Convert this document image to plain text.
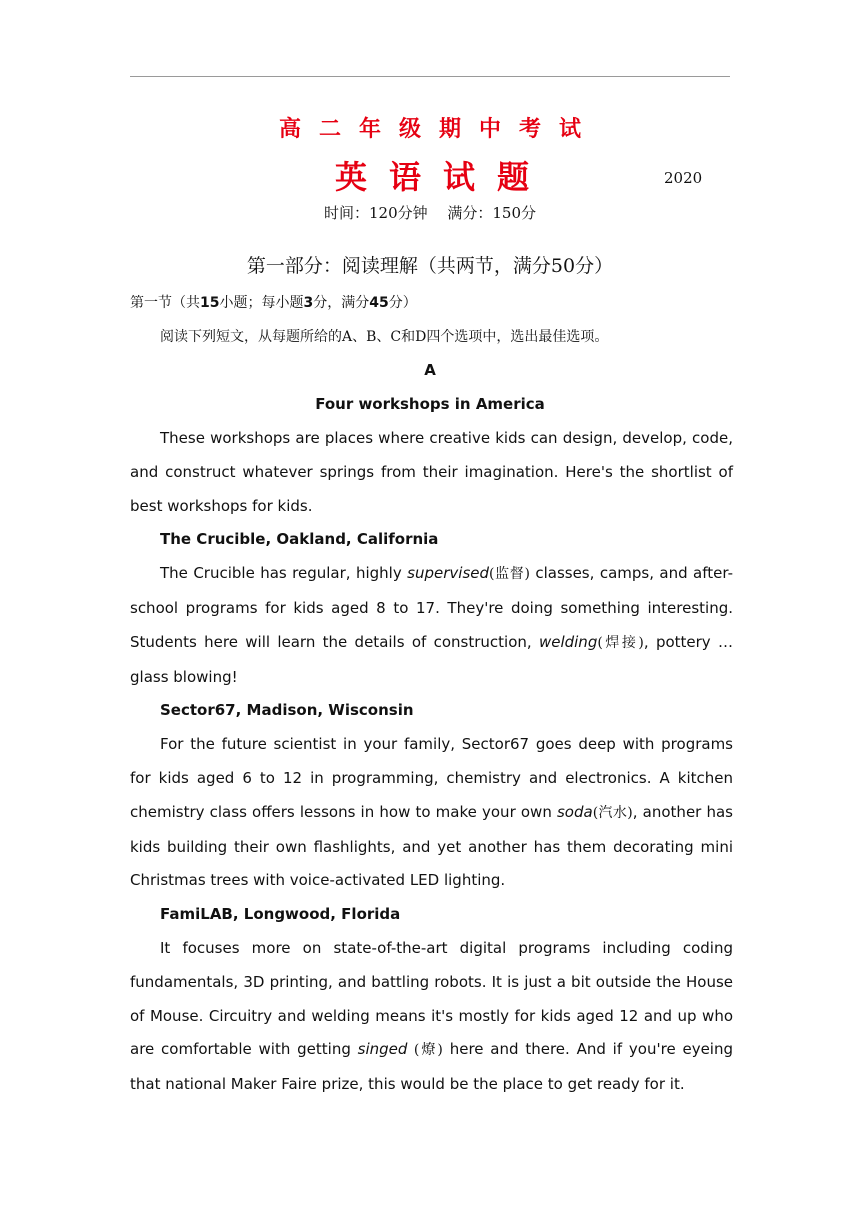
高二年级期中考试
英语试题	2020
时间：120分钟　 满分：150分
第一部分：阅读理解（共两节，满分50分）
第一节（共15小题；每小题3分，满分45分）
阅读下列短文，从每题所给的A、B、C和D四个选项中，选出最佳选项。
A
Four workshops in America

These workshops are places where creative kids can design, develop, code, and construct whatever springs from their imagination. Here's the shortlist of best workshops for kids.

The Crucible, Oakland, California

The Crucible has regular, highly supervised(监督) classes, camps, and after-school programs for kids aged 8 to 17. They're doing something interesting. Students here will learn the details of construction, welding(焊接), pottery … glass blowing!

Sector67, Madison, Wisconsin

For the future scientist in your family, Sector67 goes deep with programs for kids aged 6 to 12 in programming, chemistry and electronics. A kitchen chemistry class offers lessons in how to make your own soda(汽水), another has kids building their own flashlights, and yet another has them decorating mini Christmas trees with voice-activated LED lighting.

FamiLAB, Longwood, Florida

It focuses more on state-of-the-art digital programs including coding fundamentals, 3D printing, and battling robots. It is just a bit outside the House of Mouse. Circuitry and welding means it's mostly for kids aged 12 and up who are comfortable with getting singed (燎) here and there. And if you're eyeing that national Maker Faire prize, this would be the place to get ready for it.
